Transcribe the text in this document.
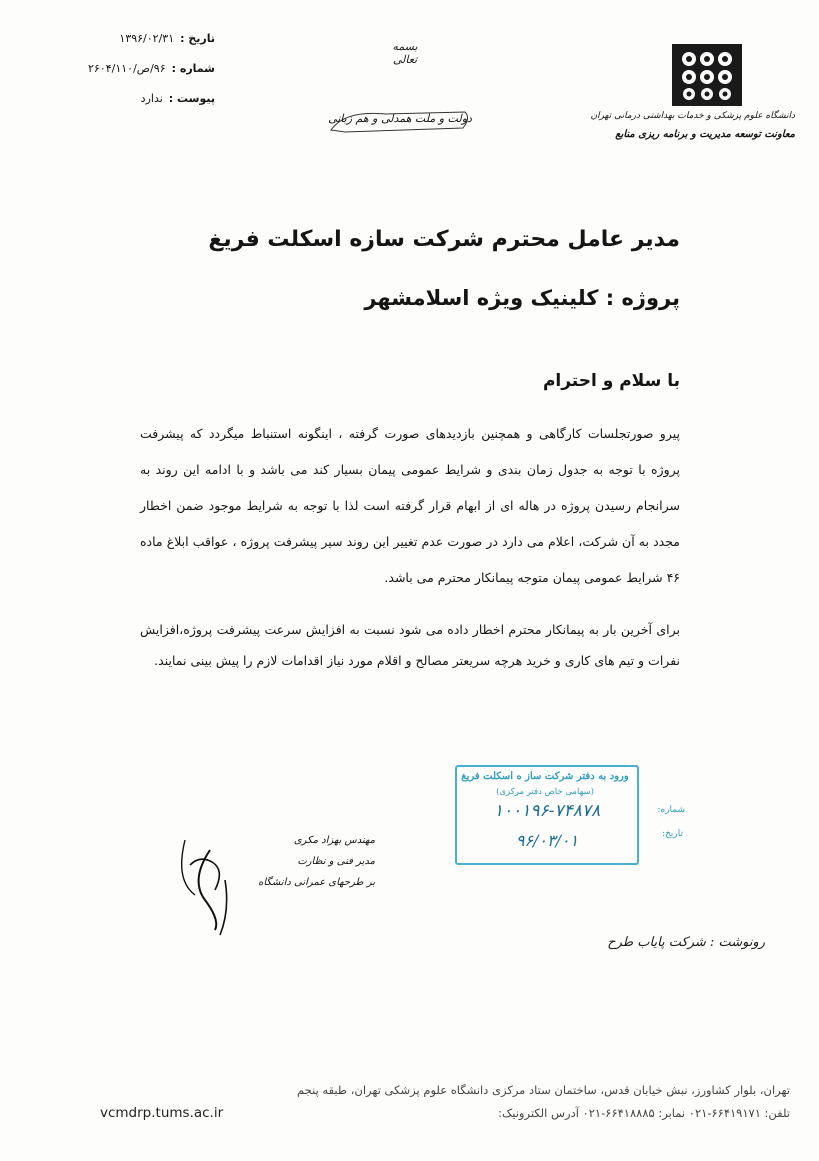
تاریخ :
۱۳۹۶/۰۲/۳۱
شماره :
۹۶/ص/۲۶۰۴/۱۱۰
پیوست :
ندارد
بسمه تعالی
دولت و ملت همدلی و هم زبانی	دانشگاه علوم پزشکی و خدمات بهداشتی درمانی تهران
معاونت توسعه مدیریت و برنامه ریزی منابع
مدیر عامل محترم شرکت سازه اسکلت فریغ
پروژه : کلینیک ویژه اسلامشهر
با سلام و احترام

پیرو صورتجلسات کارگاهی و همچنین بازدیدهای صورت گرفته ، اینگونه استنباط میگردد که پیشرفت پروژه با توجه به جدول زمان بندی و شرایط عمومی پیمان بسیار کند می باشد و با ادامه این روند به سرانجام رسیدن پروژه در هاله ای از ابهام قرار گرفته است لذا با توجه به شرایط موجود ضمن اخطار مجدد به آن شرکت، اعلام می دارد در صورت عدم تغییر این روند سیر پیشرفت پروژه ، عواقب ابلاغ ماده ۴۶ شرایط عمومی پیمان متوجه پیمانکار محترم می باشد.

برای آخرین بار به پیمانکار محترم اخطار داده می شود نسبت به افزایش سرعت پیشرفت پروژه،افزایش نفرات و تیم های کاری و خرید هرچه سریعتر مصالح و اقلام مورد نیاز اقدامات لازم را پیش بینی نمایند.

ورود به دفتر شرکت ساز ه اسکلت فریغ
(سهامی خاص دفتر مرکزی)
شماره:
تاریخ:
۱۰۰۱۹۶-۷۴۸۷۸
۹۶/۰۳/۰۱
مهندس بهزاد مکری
مدیر فنی و نظارت
بر طرحهای عمرانی دانشگاه
رونوشت : شرکت پایاب طرح
تهران، بلوار کشاورز، نبش خیابان قدس، ساختمان ستاد مرکزی دانشگاه علوم پزشکی تهران، طبقه پنجم
تلفن: ۶۶۴۱۹۱۷۱-۰۲۱ نمابر: ۶۶۴۱۸۸۸۵-۰۲۱ آدرس الکترونیک:
vcmdrp.tums.ac.ir
